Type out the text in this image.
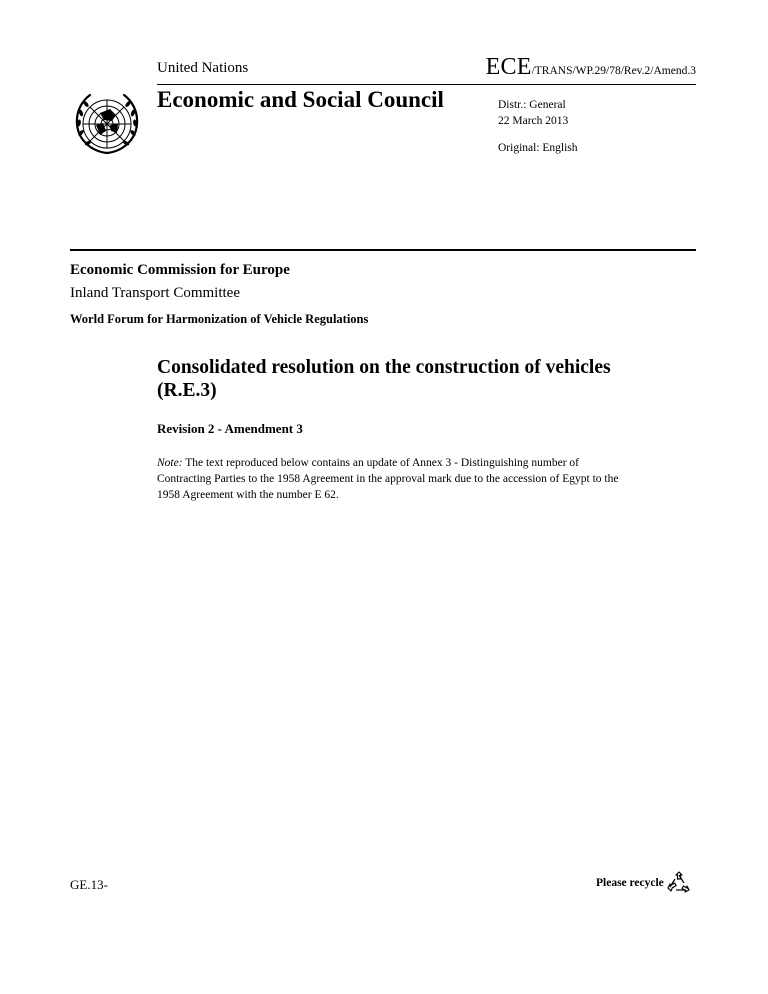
United Nations	ECE/TRANS/WP.29/78/Rev.2/Amend.3
Economic and Social Council	Distr.: General
22 March 2013
Original: English
Economic Commission for Europe
Inland Transport Committee
World Forum for Harmonization of Vehicle Regulations
Consolidated resolution on the construction of vehicles (R.E.3)
Revision 2 - Amendment 3
Note: The text reproduced below contains an update of Annex 3 - Distinguishing number of Contracting Parties to the 1958 Agreement in the approval mark due to the accession of Egypt to the 1958 Agreement with the number E 62.
GE.13-	Please recycle
